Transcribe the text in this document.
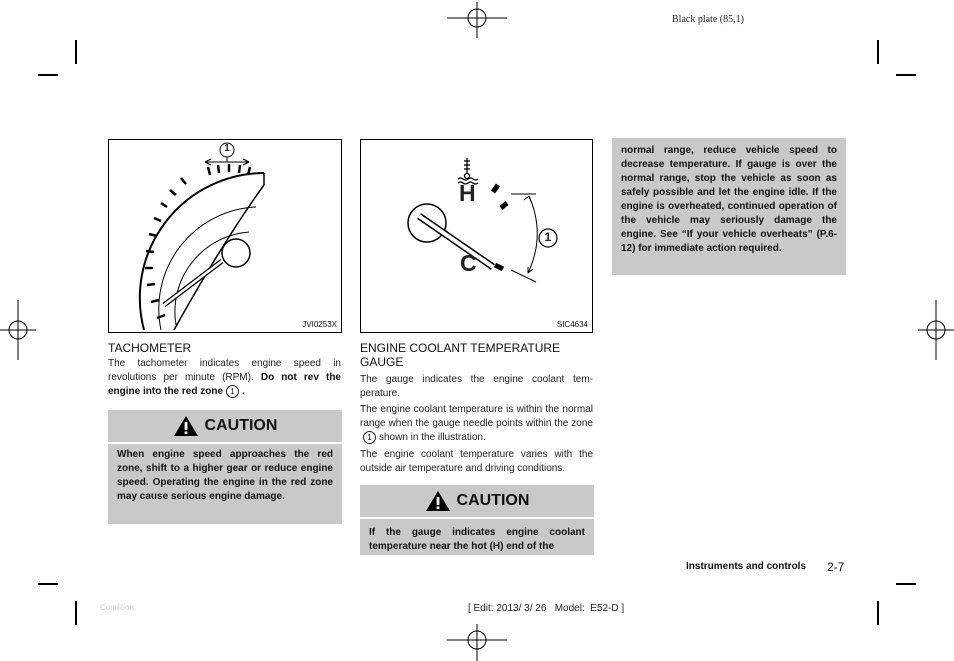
Black plate (85,1)
1
JVI0253X
TACHOMETER
The tachometer indicates engine speed in revolutions per minute (RPM). Do not rev the engine into the red zone 1 .
CAUTION
When engine speed approaches the red zone, shift to a higher gear or reduce engine speed. Operating the engine in the red zone may cause serious engine damage.
H
C
1
SIC4634
ENGINE COOLANT TEMPERATURE
GAUGE
The gauge indicates the engine coolant tem-perature.
The engine coolant temperature is within the normal range when the gauge needle points within the zone1 shown in the illustration.
The engine coolant temperature varies with the outside air temperature and driving conditions.
CAUTION
If the gauge indicates engine coolant temperature near the hot (H) end of the
normal range, reduce vehicle speed to decrease temperature. If gauge is over the normal range, stop the vehicle as soon as safely possible and let the engine idle. If the engine is overheated, continued operation of the vehicle may seriously damage the engine. See “If your vehicle overheats” (P.6-12) for immediate action required.
Instruments and controls 2-7
Condition:	[ Edit: 2013/ 3/ 26   Model:  E52-D ]
